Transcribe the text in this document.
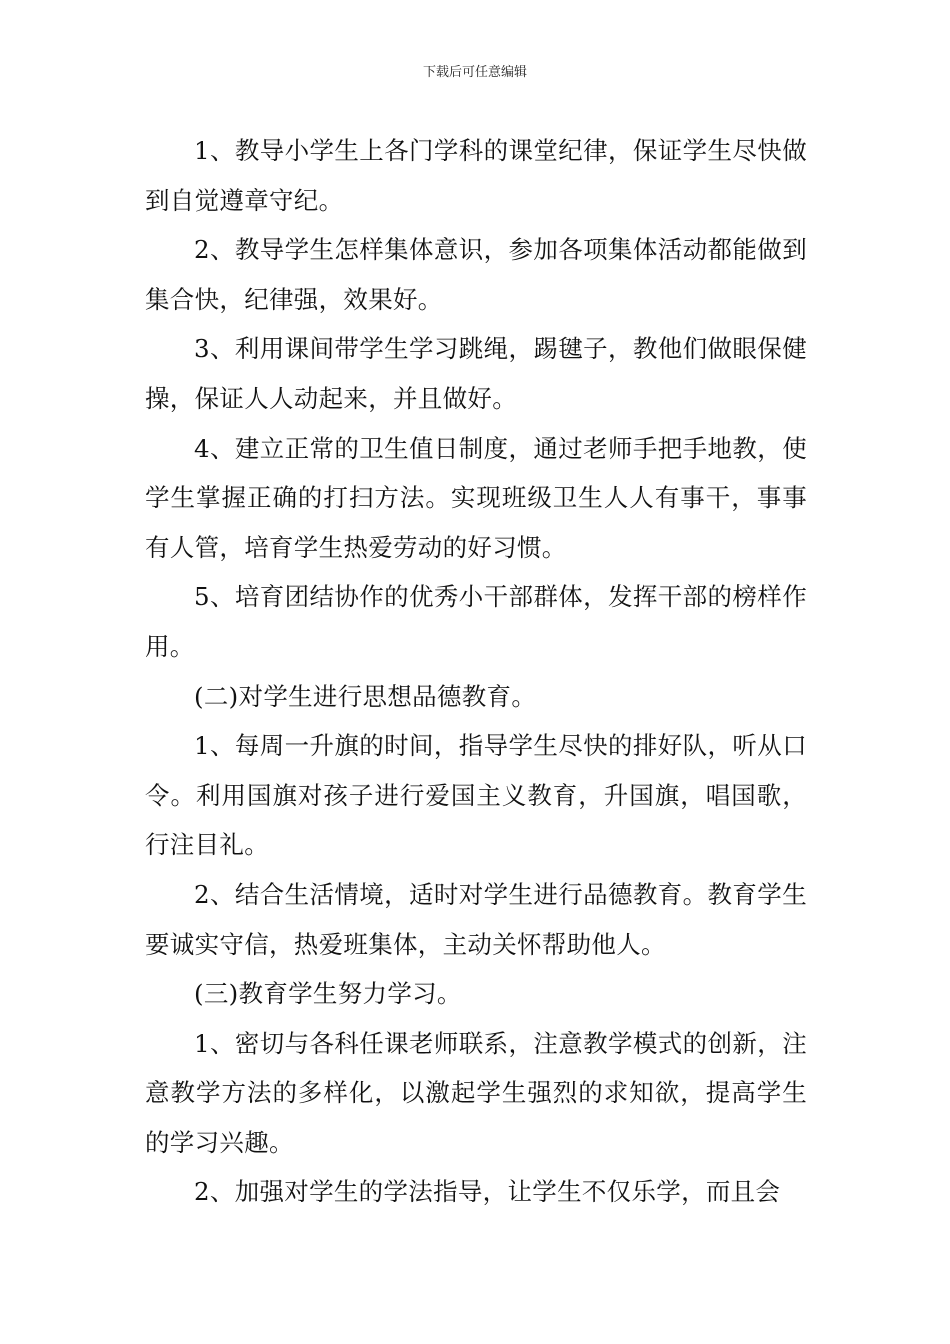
下载后可任意编辑

1、教导小学生上各门学科的课堂纪律，保证学生尽快做到自觉遵章守纪。

2、教导学生怎样集体意识，参加各项集体活动都能做到集合快，纪律强，效果好。

3、利用课间带学生学习跳绳，踢毽子，教他们做眼保健操，保证人人动起来，并且做好。

4、建立正常的卫生值日制度，通过老师手把手地教，使学生掌握正确的打扫方法。实现班级卫生人人有事干，事事有人管，培育学生热爱劳动的好习惯。

5、培育团结协作的优秀小干部群体，发挥干部的榜样作用。

(二)对学生进行思想品德教育。

1、每周一升旗的时间，指导学生尽快的排好队，听从口令。利用国旗对孩子进行爱国主义教育，升国旗，唱国歌，行注目礼。

2、结合生活情境，适时对学生进行品德教育。教育学生要诚实守信，热爱班集体，主动关怀帮助他人。

(三)教育学生努力学习。

1、密切与各科任课老师联系，注意教学模式的创新，注意教学方法的多样化，以激起学生强烈的求知欲，提高学生的学习兴趣。

2、加强对学生的学法指导，让学生不仅乐学，而且会
